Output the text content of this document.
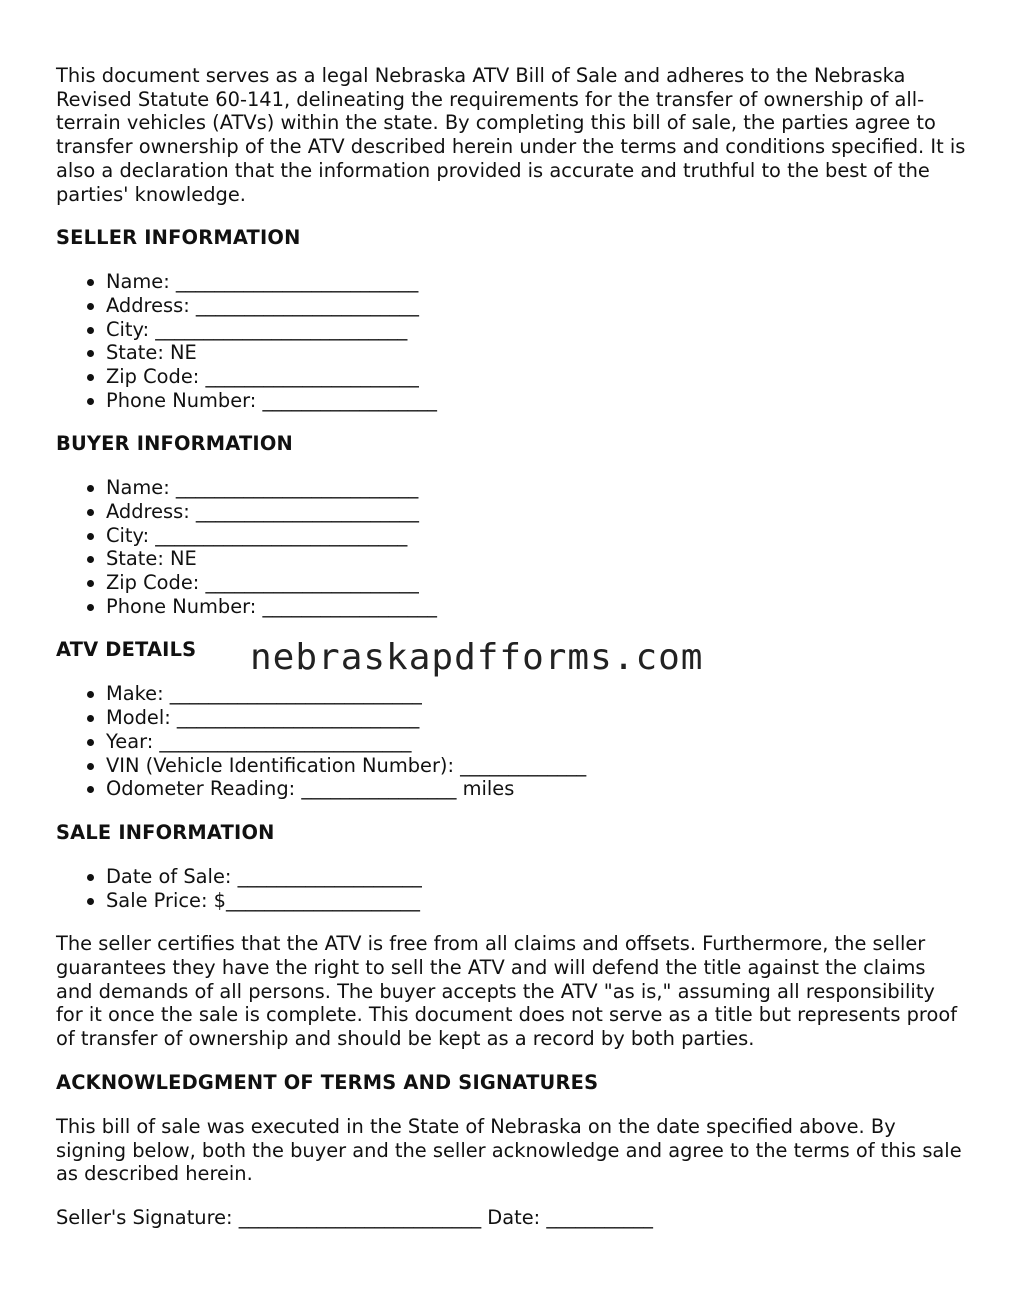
This document serves as a legal Nebraska ATV Bill of Sale and adheres to the Nebraska Revised Statute 60-141, delineating the requirements for the transfer of ownership of all-terrain vehicles (ATVs) within the state. By completing this bill of sale, the parties agree to transfer ownership of the ATV described herein under the terms and conditions specified. It is also a declaration that the information provided is accurate and truthful to the best of the parties' knowledge.

SELLER INFORMATION
Name: _________________________
Address: _______________________
City: __________________________
State: NE
Zip Code: ______________________
Phone Number: __________________
BUYER INFORMATION
Name: _________________________
Address: _______________________
City: __________________________
State: NE
Zip Code: ______________________
Phone Number: __________________
ATV DETAILS
Make: __________________________
Model: _________________________
Year: __________________________
VIN (Vehicle Identification Number): _____________
Odometer Reading: ________________ miles
SALE INFORMATION
Date of Sale: ___________________
Sale Price: $____________________

The seller certifies that the ATV is free from all claims and offsets. Furthermore, the seller guarantees they have the right to sell the ATV and will defend the title against the claims and demands of all persons. The buyer accepts the ATV "as is," assuming all responsibility for it once the sale is complete. This document does not serve as a title but represents proof of transfer of ownership and should be kept as a record by both parties.

ACKNOWLEDGMENT OF TERMS AND SIGNATURES

This bill of sale was executed in the State of Nebraska on the date specified above. By signing below, both the buyer and the seller acknowledge and agree to the terms of this sale as described herein.

Seller's Signature: _________________________ Date: ___________

nebraskapdfforms.com
